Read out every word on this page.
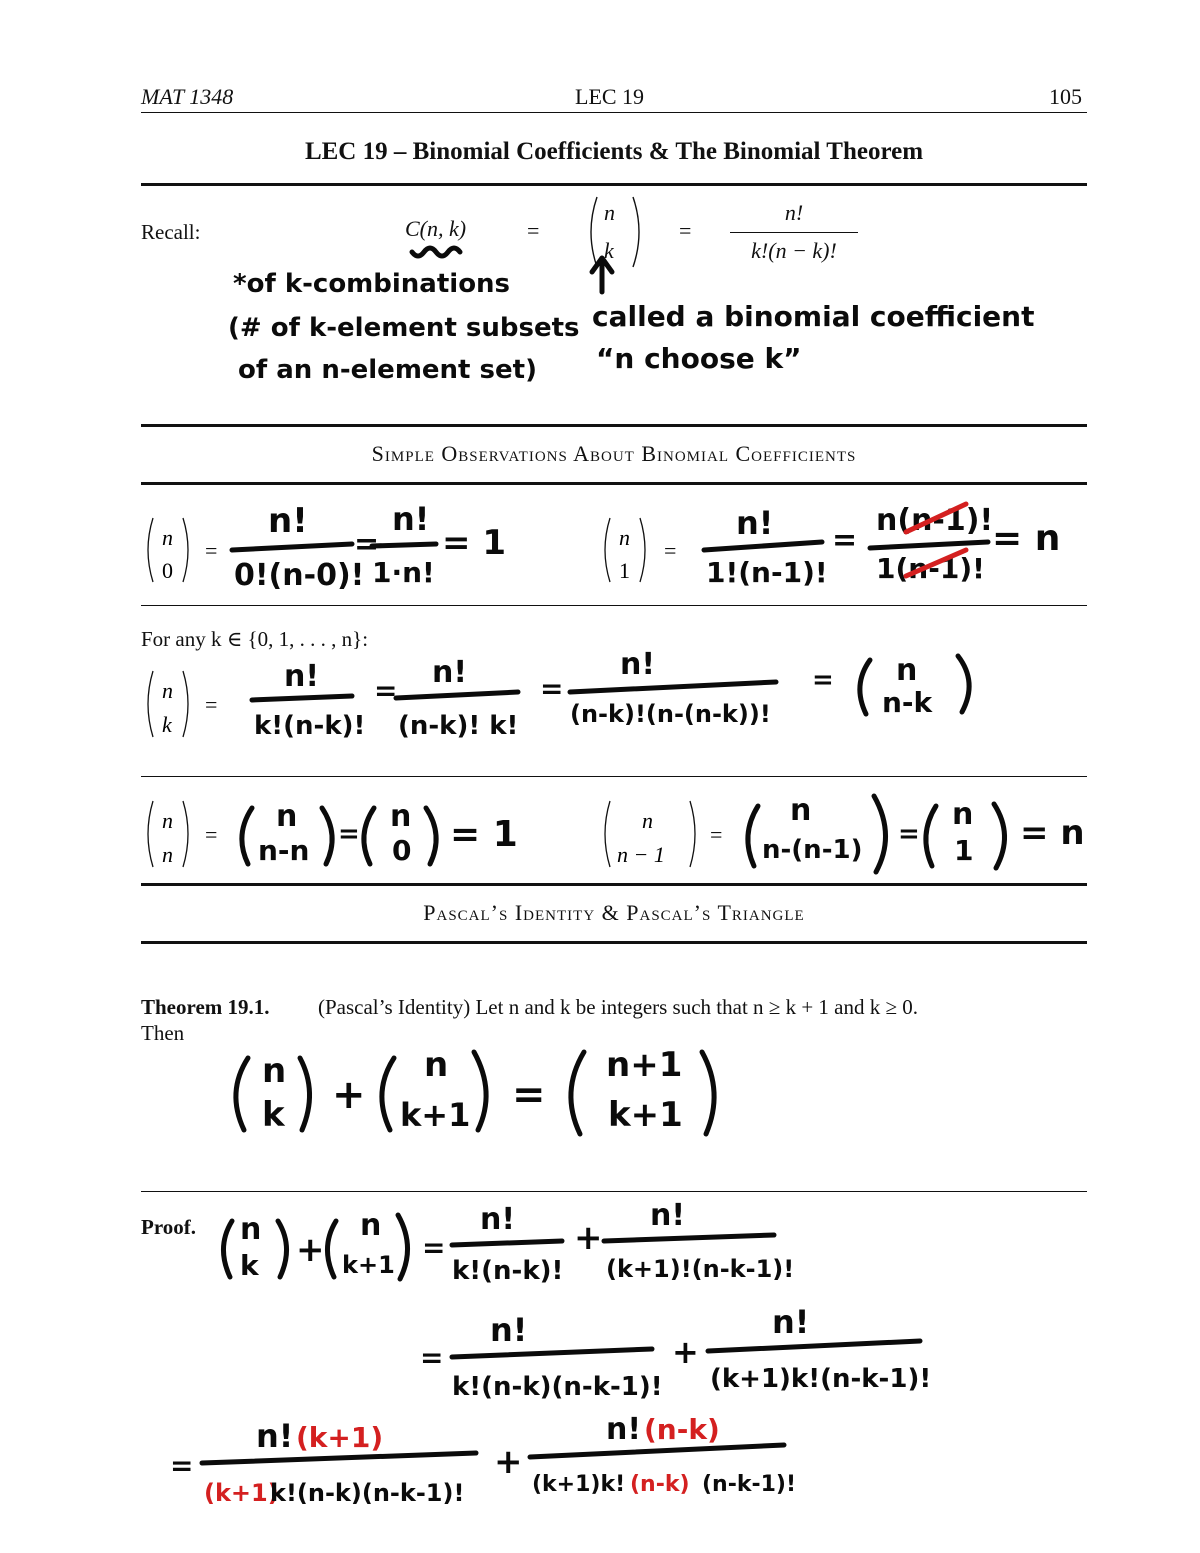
MAT 1348	LEC 19	105
LEC 19 – Binomial Coefficients & The Binomial Theorem
Recall:	C(n, k)	=
n
k
=
n!
k!(n − k)!
*of k-combinations
(# of k-element subsets
of an n-element set)
called a binomial coefficient
“n choose k”
Simple Observations About Binomial Coefficients
n
0
=
n!
0!(n-0)!
=
n!
1·n!
= 1	n!
1!(n-1)!
=
n(n-1)!
1(n-1)!
= n
n
1
=
For any k ∈ {0, 1, . . . , n}:
n
k
=
n!
k!(n-k)!
=
n!
(n-k)! k!
=
n!
(n-k)!(n-(n-k))!
= n
n-k
n
n
=
n
n − 1
=
n
n-n = n
0 = 1
n
n-(n-1)
=
n
1 = n
Pascal’s Identity & Pascal’s Triangle
Theorem 19.1. (Pascal’s Identity) Let n and k be integers such that n ≥ k + 1 and k ≥ 0.
Then
n
k +
n
k+1 =
n+1
k+1
Proof. n
k +
n
k+1
=
n!
k!(n-k)!
+
n!
(k+1)!(n-k-1)!
=
n!
k!(n-k)(n-k-1)!
+
n!
(k+1)k!(n-k-1)!
=
n! (k+1)
(k+1)
k!(n-k)(n-k-1)!
+
n! (n-k)
(k+1)k! (n-k) (n-k-1)!
